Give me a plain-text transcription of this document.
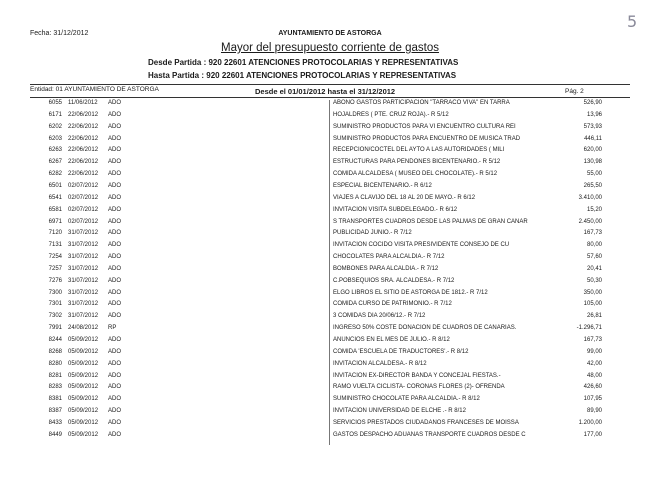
Fecha: 31/12/2012	AYUNTAMIENTO DE ASTORGA
5
Mayor del presupuesto corriente de gastos
Desde Partida : 920 22601 ATENCIONES PROTOCOLARIAS Y REPRESENTATIVAS
Hasta Partida : 920 22601 ATENCIONES PROTOCOLARIAS Y REPRESENTATIVAS
Entidad: 01 AYUNTAMIENTO DE ASTORGA	Desde el 01/01/2012 hasta el 31/12/2012	Pág. 2
6055 11/06/2012 ADO	ABONO GASTOS PARTICIPACION "TARRACO VIVA" EN TARRA	526,90
6171 22/06/2012 ADO	HOJALDRES ( PTE. CRUZ ROJA).- R 5/12	13,96
6202 22/06/2012 ADO	SUMINISTRO PRODUCTOS PARA VI ENCUENTRO CULTURA REI	573,93
6203 22/06/2012 ADO	SUMINISTRO PRODUCTOS PARA ENCUENTRO DE MUSICA TRAD	446,11
6263 22/06/2012 ADO	RECEPCION/COCTEL DEL AYTO A LAS AUTORIDADES ( MILI	620,00
6267 22/06/2012 ADO	ESTRUCTURAS PARA PENDONES BICENTENARIO.- R 5/12	130,98
6282 22/06/2012 ADO	COMIDA ALCALDESA ( MUSEO DEL CHOCOLATE).- R 5/12	55,00
6501 02/07/2012 ADO	ESPECIAL BICENTENARIO.- R 6/12	265,50
6541 02/07/2012 ADO	VIAJES A CLAVIJO DEL 18 AL 20 DE MAYO.- R 6/12	3.410,00
6581 02/07/2012 ADO	INVITACION VISITA SUBDELEGADO.- R 6/12	15,20
6971 02/07/2012 ADO	S TRANSPORTES CUADROS DESDE LAS PALMAS DE GRAN CANAR	2.450,00
7120 31/07/2012 ADO	PUBLICIDAD JUNIO.- R 7/12	167,73
7131 31/07/2012 ADO	INVITACION COCIDO VISITA PRESIVIDENTE CONSEJO DE CU	80,00
7254 31/07/2012 ADO	CHOCOLATES PARA ALCALDIA.- R 7/12	57,60
7257 31/07/2012 ADO	BOMBONES PARA ALCALDIA.- R 7/12	20,41
7276 31/07/2012 ADO	C.POBSEQUIOS SRA. ALCALDESA.- R 7/12	50,30
7300 31/07/2012 ADO	ELGO LIBROS EL SITIO DE ASTORGA DE 1812.- R 7/12	350,00
7301 31/07/2012 ADO	COMIDA CURSO DE PATRIMONIO.- R 7/12	105,00
7302 31/07/2012 ADO	3 COMIDAS DIA 20/06/12.- R 7/12	26,81
7991 24/08/2012 RP	INGRESO 50% COSTE DONACION DE CUADROS DE CANARIAS.	-1.296,71
8244 05/09/2012 ADO	ANUNCIOS EN EL MES DE JULIO.- R 8/12	167,73
8268 05/09/2012 ADO	COMIDA 'ESCUELA DE TRADUCTORES'.- R 8/12	99,00
8280 05/09/2012 ADO	INVITACION ALCALDESA.- R 8/12	42,00
8281 05/09/2012 ADO	INVITACION EX-DIRECTOR BANDA Y CONCEJAL FIESTAS.-	48,00
8283 05/09/2012 ADO	RAMO VUELTA CICLISTA- CORONAS FLORES (2)- OFRENDA	426,60
8381 05/09/2012 ADO	SUMINISTRO CHOCOLATE PARA ALCALDIA.- R 8/12	107,95
8387 05/09/2012 ADO	INVITACION UNIVERSIDAD DE ELCHE .- R 8/12	89,90
8433 05/09/2012 ADO	SERVICIOS PRESTADOS CIUDADANOS FRANCESES DE MOISSA	1.200,00
8449 05/09/2012 ADO	GASTOS DESPACHO ADUANAS TRANSPORTE CUADROS DESDE C	177,00
